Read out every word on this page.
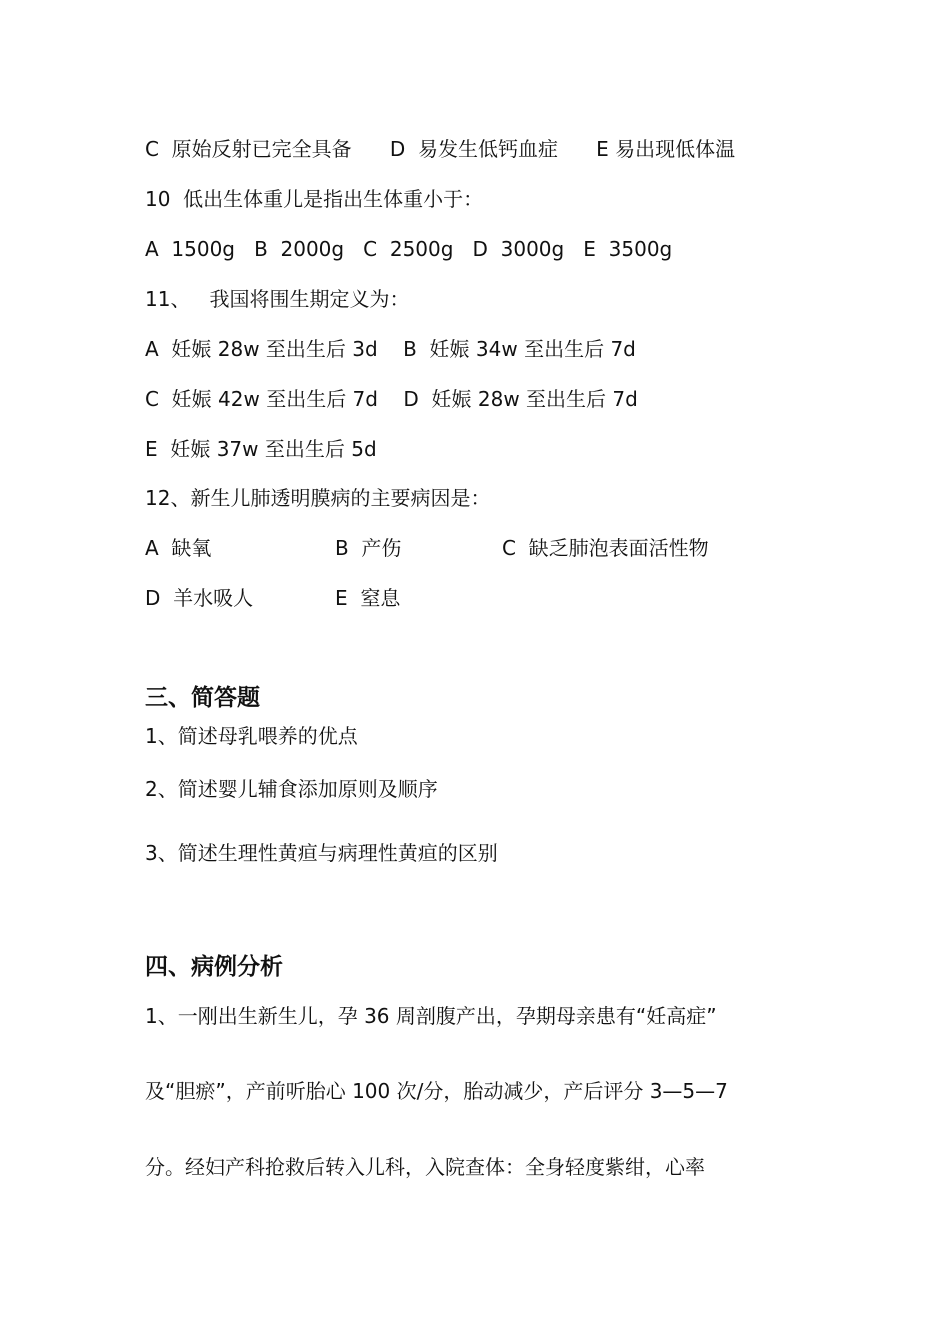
C  原始反射已完全具备      D  易发生低钙血症      E 易出现低体温
10  低出生体重儿是指出生体重小于：
A  1500g   B  2000g   C  2500g   D  3000g   E  3500g
11、   我国将围生期定义为：
A  妊娠 28w 至出生后 3d    B  妊娠 34w 至出生后 7d
C  妊娠 42w 至出生后 7d    D  妊娠 28w 至出生后 7d
E  妊娠 37w 至出生后 5d
12、新生儿肺透明膜病的主要病因是：
A  缺氧	B  产伤	C  缺乏肺泡表面活性物
D  羊水吸人	E  窒息
三、简答题
1、简述母乳喂养的优点
2、简述婴儿辅食添加原则及顺序
3、简述生理性黄疸与病理性黄疸的区别
四、病例分析
1、一刚出生新生儿，孕 36 周剖腹产出，孕期母亲患有“妊高症”
及“胆瘀”，产前听胎心 100 次/分，胎动减少，产后评分 3—5—7
分。经妇产科抢救后转入儿科，入院查体：全身轻度紫绀，心率
